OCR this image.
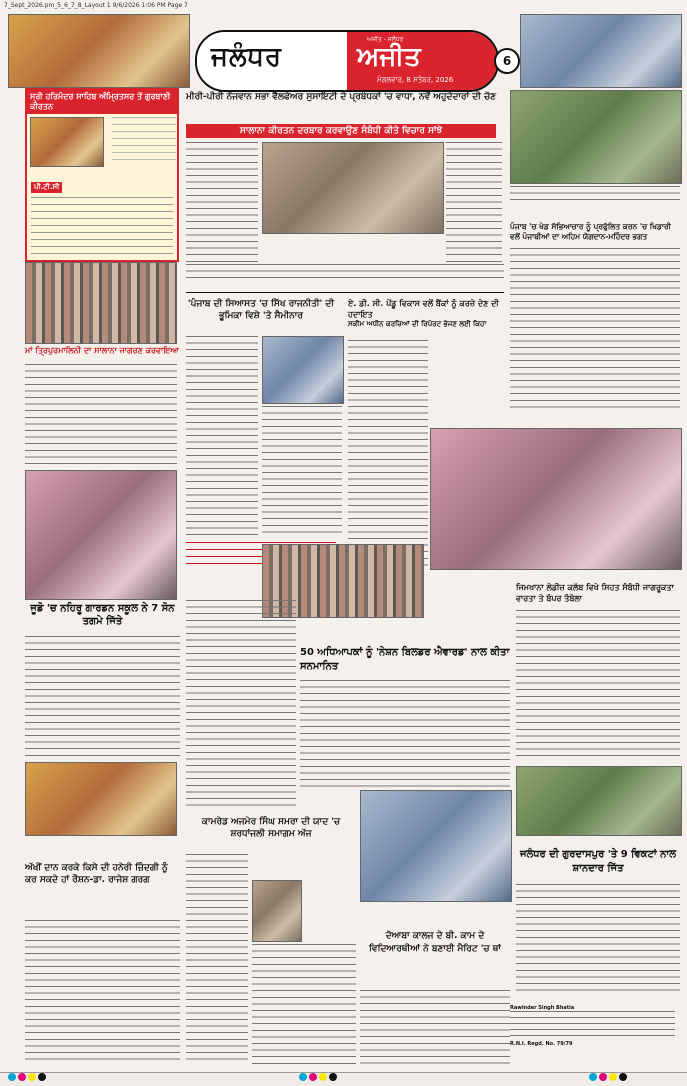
7_Sept_2026.pm_5_6_7_8_Layout 1 9/6/2026 1:06 PM Page 7
ਜਲੰਧਰ	ਅਜੀਤ
ਅਜੀਤ - ਜਲੰਧਰ
ਮੰਗਲਵਾਰ, 8 ਸਤੰਬਰ, 2026
6
ਸ੍ਰੀ ਹਰਿਮੰਦਰ ਸਾਹਿਬ ਅੰਮ੍ਰਿਤਸਰ ਤੋਂ ਗੁਰਬਾਣੀ ਕੀਰਤਨ
ਪੀ.ਟੀ.ਸੀ
ਮਾਂ ਤ੍ਰਿਪੁਰਮਾਲਿਨੀ ਦਾ ਸਾਲਾਨਾ ਜਾਗਰਣ ਕਰਵਾਇਆ
ਮੀਰੀ-ਪੀਰੀ ਨੌਜਵਾਨ ਸਭਾ ਵੈੱਲਫੇਅਰ ਸੁਸਾਇਟੀ ਦੇ ਪ੍ਰਬੰਧਕਾਂ 'ਚ ਵਾਧਾ, ਨਵੇਂ ਅਹੁਦੇਦਾਰਾਂ ਦੀ ਚੋਣ
ਸਾਲਾਨਾ ਕੀਰਤਨ ਦਰਬਾਰ ਕਰਵਾਉਣ ਸੰਬੰਧੀ ਕੀਤੇ ਵਿਚਾਰ ਸਾਂਝੇ
ਪੰਜਾਬ 'ਚ ਖੇਡ ਸੱਭਿਆਚਾਰ ਨੂੰ ਪ੍ਰਫੁੱਲਿਤ ਕਰਨ 'ਚ ਖਿਡਾਰੀ ਵਲੋਂ ਪੰਜਾਬੀਆਂ ਦਾ ਅਹਿਮ ਯੋਗਦਾਨ-ਮਹਿੰਦਰ ਭਗਤ
'ਪੰਜਾਬ ਦੀ ਸਿਆਸਤ 'ਚ ਸਿੱਖ ਰਾਜਨੀਤੀ' ਦੀ ਭੂਮਿਕਾ ਵਿਸ਼ੇ 'ਤੇ ਸੈਮੀਨਾਰ
ਏ. ਡੀ. ਸੀ. ਪੇਂਡੂ ਵਿਕਾਸ ਵਲੋਂ ਬੈਂਕਾਂ ਨੂੰ ਕਰਜ਼ੇ ਦੇਣ ਦੀ ਹਦਾਇਤ
ਸਕੀਮ ਅਧੀਨ ਕਰਜ਼ਿਆਂ ਦੀ ਰਿਪੋਰਟ ਭੇਜਣ ਲਈ ਕਿਹਾ
ਜੂਡੋ 'ਚ ਨਹਿਰੂ ਗਾਰਡਨ ਸਕੂਲ ਨੇ 7 ਸੋਨ ਤਗਮੇ ਜਿੱਤੇ
50 ਅਧਿਆਪਕਾਂ ਨੂੰ 'ਨੇਸ਼ਨ ਬਿਲਡਰ ਐਵਾਰਡ' ਨਾਲ ਕੀਤਾ ਸਨਮਾਨਿਤ
ਜਿਮਖਾਨਾ ਲੇਡੀਜ਼ ਕਲੱਬ ਵਿਖੇ ਸਿਹਤ ਸੰਬੰਧੀ ਜਾਗਰੂਕਤਾ ਵਾਰਤਾ ਤੇ ਬੰਪਰ ਤੰਬੋਲਾ
ਕਾਮਰੇਡ ਅਜਮੇਰ ਸਿੰਘ ਸਮਰਾ ਦੀ ਯਾਦ 'ਚ ਸ਼ਰਧਾਂਜਲੀ ਸਮਾਗਮ ਅੱਜ
ਅੱਖੀਂ ਦਾਨ ਕਰਕੇ ਕਿਸੇ ਦੀ ਹਨੇਰੀ ਜ਼ਿੰਦਗੀ ਨੂੰ ਕਰ ਸਕਦੇ ਹਾਂ ਰੌਸ਼ਨ-ਡਾ. ਰਾਜੇਸ਼ ਗਰਗ
ਦੋਆਬਾ ਕਾਲਜ ਦੇ ਬੀ. ਕਾਮ ਦੇ ਵਿਦਿਆਰਥੀਆਂ ਨੇ ਬਣਾਈ ਮੈਰਿਟ 'ਚ ਥਾਂ
ਜਲੰਧਰ ਦੀ ਗੁਰਦਾਸਪੁਰ 'ਤੇ 9 ਵਿਕਟਾਂ ਨਾਲ ਸ਼ਾਨਦਾਰ ਜਿੱਤ
Rawinder Singh Bhatia
R.N.I. Regd. No. 79/79
